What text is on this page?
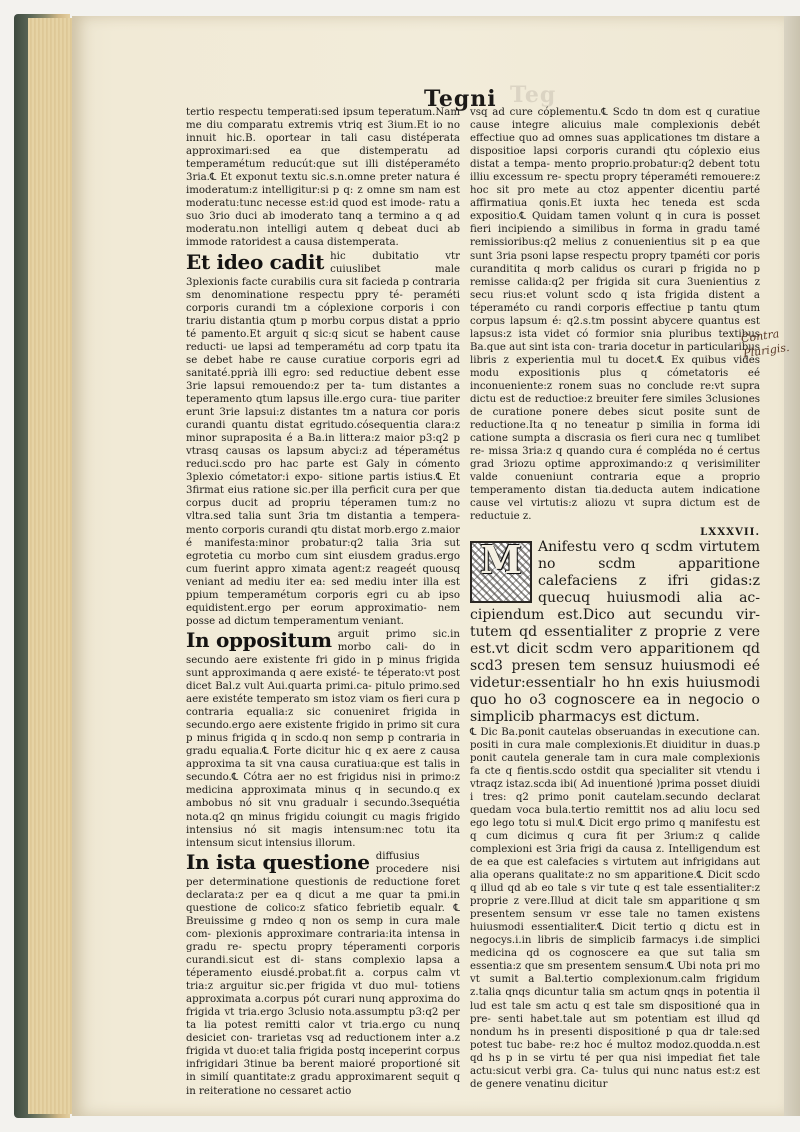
Teg
Tegni

tertio respectu temperati:sed ipsum teperatum.Nam me diu comparatu extremis vtriq est 3ium.Et io no innuit hic.B. oportear in tali casu distéperata approximari:sed ea que distemperatu ad temperamétum reducút:que sut illi distéperaméto 3ria.℄ Et exponut textu sic.s.n.omne preter natura é imoderatum:z intelligitur:si p q: z omne sm nam est moderatu:tunc necesse est:id quod est imode- ratu a suo 3rio duci ab imoderato tanq a termino a q ad moderatu.non intelligi autem q debeat duci ab immode ratoridest a causa distemperata.

Et ideo cadit hic dubitatio vtr cuiuslibet male 3plexionis facte curabilis cura sit facieda p contraria sm denominatione respectu ppry té- peraméti corporis curandi tm a cóplexione corporis i con trariu distantia qtum p morbu corpus distat a pprio té pamento.Et arguit q sic:q sicut se habent cause reducti- ue lapsi ad temperamétu ad corp tpatu ita se debet habe re cause curatiue corporis egri ad sanitaté.pprià illi egro: sed reductiue debent esse 3rie lapsui remouendo:z per ta- tum distantes a teperamento qtum lapsus ille.ergo cura- tiue pariter erunt 3rie lapsui:z distantes tm a natura cor poris curandi quantu distat egritudo.cósequentia clara:z minor supraposita é a Ba.in littera:z maior p3:q2 p vtrasq causas os lapsum abyci:z ad téperamétus reduci.scdo pro hac parte est Galy in cómento 3plexio cómetator:i expo- sitione partis istius.℄ Et 3firmat eius ratione sic.per illa perficit cura per que corpus ducit ad propriu téperamen tum:z no vltra.sed talia sunt 3ria tm distantia a tempera- mento corporis curandi qtu distat morb.ergo z.maior é manifesta:minor probatur:q2 talia 3ria sut egrotetia cu morbo cum sint eiusdem gradus.ergo cum fuerint appro ximata agent:z reageét quousq veniant ad mediu iter ea: sed mediu inter illa est ppium temperamétum corporis egri cu ab ipso equidistent.ergo per eorum approximatio- nem posse ad dictum temperamentum veniant.

In oppositum arguit primo sic.in morbo cali- do in secundo aere existente fri gido in p minus frigida sunt approximanda q aere existé- te téperato:vt post dicet Bal.z vult Aui.quarta primi.ca- pitulo primo.sed aere existéte temperato sm istoz viam os fieri cura p contraria equalia:z sic conueniret frigida in secundo.ergo aere existente frigido in primo sit cura p minus frigida q in scdo.q non semp p contraria in gradu equalia.℄ Forte dicitur hic q ex aere z causa approxima ta sit vna causa curatiua:que est talis in secundo.℄ Cótra aer no est frigidus nisi in primo:z medicina approximata minus q in secundo.q ex ambobus nó sit vnu gradualr i secundo.3sequétia nota.q2 qn minus frigidu coiungit cu magis frigido intensius nó sit magis intensum:nec totu ita intensum sicut intensius illorum.

In ista questione diffusius procedere nisi per determinatione questionis de reductione foret declarata:z per ea q dicut a me quar ta pmi.in questione de colico:z sfatico febrietib equalr. ℄ Breuissime g rndeo q non os semp in cura male com- plexionis approximare contraria:ita intensa in gradu re- spectu propry téperamenti corporis curandi.sicut est di- stans complexio lapsa a téperamento eiusdé.probat.fit a. corpus calm vt tria:z arguitur sic.per frigida vt duo mul- totiens approximata a.corpus pót curari nunq approxima do frigida vt tria.ergo 3clusio nota.assumptu p3:q2 per ta lia potest remitti calor vt tria.ergo cu nunq desiciet con- trarietas vsq ad reductionem inter a.z frigida vt duo:et talia frigida postq inceperint corpus infrigidari 3tinue ba berent maioré proportioné sit in similí quantitate:z gradu approximarent sequit q in reiteratione no cessaret actio

vsq ad cure cóplementu.℄ Scdo tn dom est q curatiue cause integre alicuius male complexionis debét effectiue quo ad omnes suas applicationes tm distare a dispositioe lapsi corporis curandi qtu cóplexio eius distat a tempa- mento proprio.probatur:q2 debent totu illiu excessum re- spectu propry téperaméti remouere:z hoc sit pro mete au ctoz appenter dicentiu parté affirmatiua qonis.Et iuxta hec teneda est scda expositio.℄ Quidam tamen volunt q in cura is posset fieri incipiendo a similibus in forma in gradu tamé remissioribus:q2 melius z conuenientius sit p ea que sunt 3ria psoni lapse respectu propry tpaméti cor poris curanditita q morb calidus os curari p frigida no p remisse calida:q2 per frigida sit cura 3uenientius z secu rius:et volunt scdo q ista frigida distent a téperaméto cu randi corporis effectiue p tantu qtum corpus lapsum é: q2.s.tm possint abycere quantus est lapsus:z ista videt có formior snia pluribus textibus Ba.que aut sint ista con- traria docetur in particularibus libris z experientia mul tu docet.℄ Ex quibus vides modu expositionis plus q cómetatoris eé inconueniente:z ronem suas no conclude re:vt supra dictu est de reductioe:z breuiter fere similes 3clusiones de curatione ponere debes sicut posite sunt de reductione.Ita q no teneatur p similia in forma idi catione sumpta a discrasia os fieri cura nec q tumlibet re- missa 3ria:z q quando cura é compléda no é certus grad 3riozu optime approximando:z q verisimiliter valde conueniunt contraria eque a proprio temperamento distan tia.deducta autem indicatione cause vel virtutis:z aliozu vt supra dictum est de reductuie z.

LXXXVII.

M	Anifestu vero q scdm virtutem no scdm apparitione calefaciens z ifri gidas:z quecuq huiusmodi alia ac- cipiendum est.Dico aut secundu vir- tutem qd essentialiter z proprie z vere est.vt dicit scdm vero apparitionem qd scd3 presen tem sensuz huiusmodi eé videtur:essentialr ho hn exis huiusmodi quo ho o3 cognoscere ea in negocio o simplicib pharmacys est dictum.

℄ Dic Ba.ponit cautelas obseruandas in executione can. positi in cura male complexionis.Et diuiditur in duas.p ponit cautela generale tam in cura male complexionis fa cte q fientis.scdo ostdit qua specialiter sit vtendu i vtraqz istaz.scda ibi( Ad inuentioné )prima posset diuidi i tres: q2 primo ponit cautelam.secundo declarat quedam voca bula.tertio remittit nos ad aliu locu sed ego lego totu si mul.℄ Dicit ergo primo q manifestu est q cum dicimus q cura fit per 3rium:z q calide complexioni est 3ria frigi da causa z. Intelligendum est de ea que est calefacies s virtutem aut infrigidans aut alia operans qualitate:z no sm apparitione.℄ Dicit scdo q illud qd ab eo tale s vir tute q est tale essentialiter:z proprie z vere.Illud at dicit tale sm apparitione q sm presentem sensum vr esse tale no tamen existens huiusmodi essentialiter.℄ Dicit tertio q dictu est in negocys.i.in libris de simplicib farmacys i.de simplici medicina qd os cognoscere ea que sut talia sm essentia:z que sm presentem sensum.℄ Ubi nota pri mo vt sumit a Bal.tertio complexionum.calm frigidum z.talia qnqs dicuntur talia sm actum qnqs in potentia il lud est tale sm actu q est tale sm dispositioné qua in pre- senti habet.tale aut sm potentiam est illud qd nondum hs in presenti dispositioné p qua dr tale:sed potest tuc babe- re:z hoc é multoz modoz.quodda.n.est qd hs p in se virtu té per qua nisi impediat fiet tale actu:sicut verbi gra. Ca- tulus qui nunc natus est:z est de genere venatinu dicitur

Contra
Plurigis.
